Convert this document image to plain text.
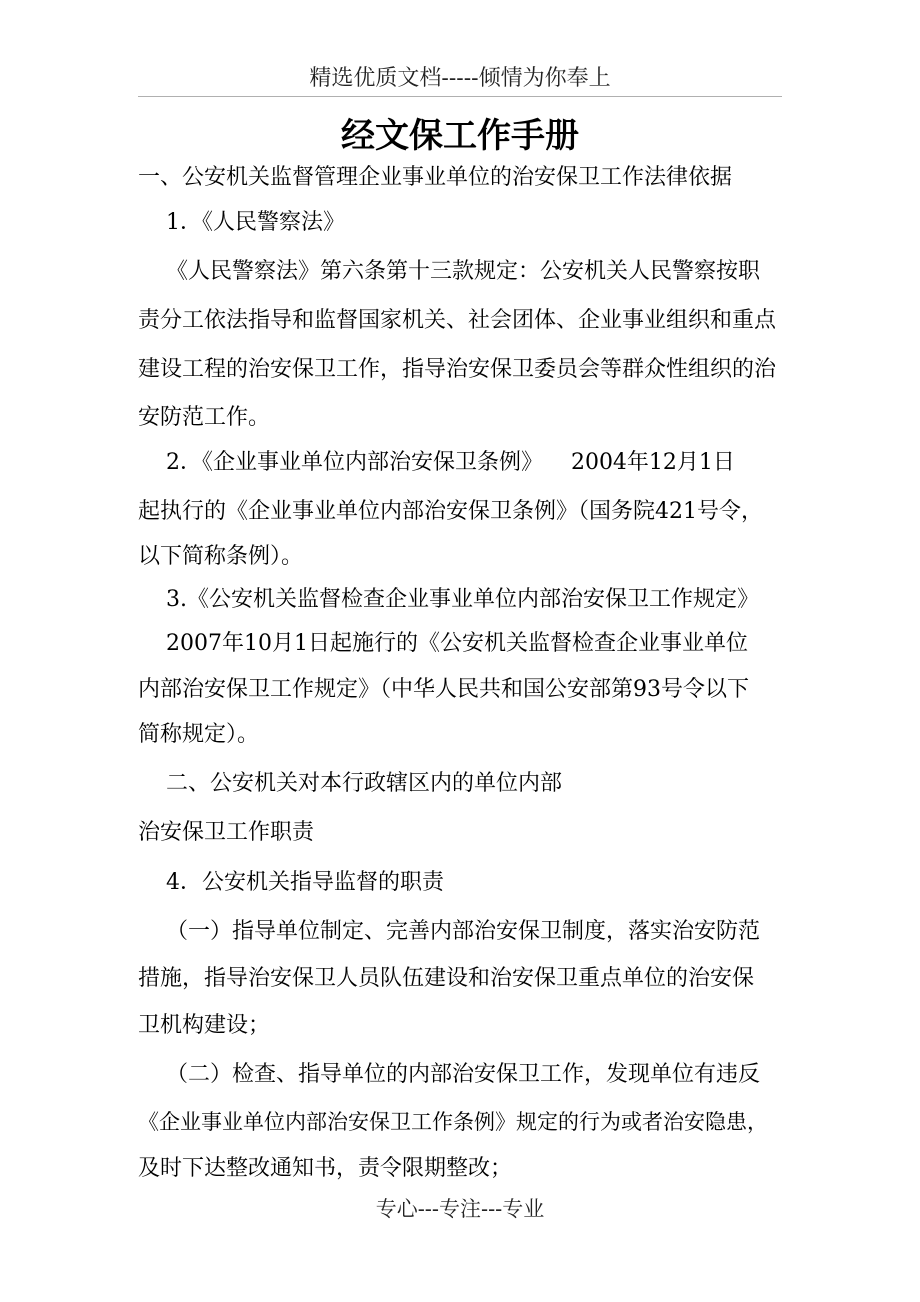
精选优质文档-----倾情为你奉上
经文保工作手册
一、公安机关监督管理企业事业单位的治安保卫工作法律依据
1．《人民警察法》
《人民警察法》第六条第十三款规定：公安机关人民警察按职
责分工依法指导和监督国家机关、社会团体、企业事业组织和重点
建设工程的治安保卫工作，指导治安保卫委员会等群众性组织的治
安防范工作。
2．《企业事业单位内部治安保卫条例》    2004年12月1日
起执行的《企业事业单位内部治安保卫条例》（国务院421号令，
以下简称条例）。
3.《公安机关监督检查企业事业单位内部治安保卫工作规定》
2007年10月1日起施行的《公安机关监督检查企业事业单位
内部治安保卫工作规定》（中华人民共和国公安部第93号令以下
简称规定）。
二、公安机关对本行政辖区内的单位内部
治安保卫工作职责
4．公安机关指导监督的职责
（一）指导单位制定、完善内部治安保卫制度，落实治安防范
措施，指导治安保卫人员队伍建设和治安保卫重点单位的治安保
卫机构建设；
（二）检查、指导单位的内部治安保卫工作，发现单位有违反
《企业事业单位内部治安保卫工作条例》规定的行为或者治安隐患，
及时下达整改通知书，责令限期整改；
专心---专注---专业
